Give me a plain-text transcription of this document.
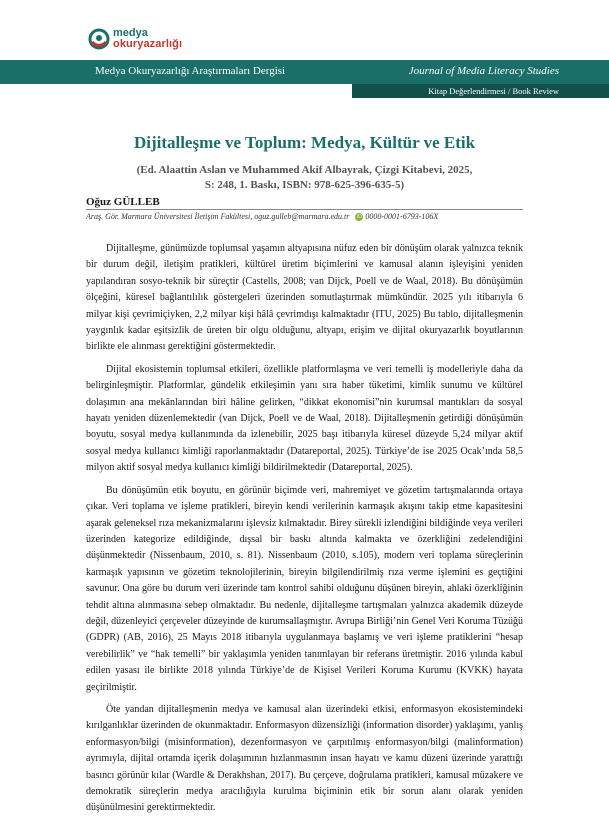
medya
okuryazarlığı
Medya Okuryazarlığı Araştırmaları Dergisi	Journal of Media Literacy Studies
Kitap Değerlendirmesi / Book Review
Dijitalleşme ve Toplum: Medya, Kültür ve Etik
(Ed. Alaattin Aslan ve Muhammed Akif Albayrak, Çizgi Kitabevi, 2025,
S: 248, 1. Baskı, ISBN: 978-625-396-635-5)
Oğuz GÜLLEB
Araş. Gör. Marmara Üniversitesi İletişim Fakültesi, oguz.gulleb@marmara.edu.tr	iD 0000-0001-6793-106X

Dijitalleşme, günümüzde toplumsal yaşamın altyapısına nüfuz eden bir dönüşüm olarak yalnızca teknik bir durum değil, iletişim pratikleri, kültürel üretim biçimlerini ve kamusal alanın işleyişini yeniden yapılandıran sosyo-teknik bir süreçtir (Castells, 2008; van Dijck, Poell ve de Waal, 2018). Bu dönüşümün ölçeğini, küresel bağlantılılık göstergeleri üzerinden somutlaştırmak mümkündür. 2025 yılı itibarıyla 6 milyar kişi çevrimiçiyken, 2,2 milyar kişi hâlâ çevrimdışı kalmaktadır (ITU, 2025) Bu tablo, dijitalleşmenin yaygınlık kadar eşitsizlik de üreten bir olgu olduğunu, altyapı, erişim ve dijital okuryazarlık boyutlarının birlikte ele alınması gerektiğini göstermektedir.

Dijital ekosistemin toplumsal etkileri, özellikle platformlaşma ve veri temelli iş modelleriyle daha da belirginleşmiştir. Platformlar, gündelik etkileşimin yanı sıra haber tüketimi, kimlik sunumu ve kültürel dolaşımın ana mekânlarından biri hâline gelirken, “dikkat ekonomisi”nin kurumsal mantıkları da sosyal hayatı yeniden düzenlemektedir (van Dijck, Poell ve de Waal, 2018). Dijitalleşmenin getirdiği dönüşümün boyutu, sosyal medya kullanımında da izlenebilir, 2025 başı itibarıyla küresel düzeyde 5,24 milyar aktif sosyal medya kullanıcı kimliği raporlanmaktadır (Datareportal, 2025). Türkiye’de ise 2025 Ocak’ında 58,5 milyon aktif sosyal medya kullanıcı kimliği bildirilmektedir (Datareportal, 2025).

Bu dönüşümün etik boyutu, en görünür biçimde veri, mahremiyet ve gözetim tartışmalarında ortaya çıkar. Veri toplama ve işleme pratikleri, bireyin kendi verilerinin karmaşık akışını takip etme kapasitesini aşarak geleneksel rıza mekanizmalarını işlevsiz kılmaktadır. Birey sürekli izlendiğini bildiğinde veya verileri üzerinden kategorize edildiğinde, dışsal bir baskı altında kalmakta ve özerkliğini zedelendiğini düşünmektedir (Nissenbaum, 2010, s. 81). Nissenbaum (2010, s.105), modern veri toplama süreçlerinin karmaşık yapısının ve gözetim teknolojilerinin, bireyin bilgilendirilmiş rıza verme işlemini es geçtiğini savunur. Ona göre bu durum veri üzerinde tam kontrol sahibi olduğunu düşünen bireyin, ahlaki özerkliğinin tehdit altına alınmasına sebep olmaktadır. Bu nedenle, dijitalleşme tartışmaları yalnızca akademik düzeyde değil, düzenleyici çerçeveler düzeyinde de kurumsallaşmıştır. Avrupa Birliği’nin Genel Veri Koruma Tüzüğü (GDPR) (AB, 2016), 25 Mayıs 2018 itibarıyla uygulanmaya başlamış ve veri işleme pratiklerini “hesap verebilirlik” ve “hak temelli” bir yaklaşımla yeniden tanımlayan bir referans üretmiştir. 2016 yılında kabul edilen yasası ile birlikte 2018 yılında Türkiye’de de Kişisel Verileri Koruma Kurumu (KVKK) hayata geçirilmiştir.

Öte yandan dijitalleşmenin medya ve kamusal alan üzerindeki etkisi, enformasyon ekosistemindeki kırılganlıklar üzerinden de okunmaktadır. Enformasyon düzensizliği (information disorder) yaklaşımı, yanlış enformasyon/bilgi (misinformation), dezenformasyon ve çarpıtılmış enformasyon/bilgi (malinformation) ayrımıyla, dijital ortamda içerik dolaşımının hızlanmasının insan hayatı ve kamu düzeni üzerinde yarattığı basıncı görünür kılar (Wardle & Derakhshan, 2017). Bu çerçeve, doğrulama pratikleri, kamusal müzakere ve demokratik süreçlerin medya aracılığıyla kurulma biçiminin etik bir sorun alanı olarak yeniden düşünülmesini gerektirmektedir.
